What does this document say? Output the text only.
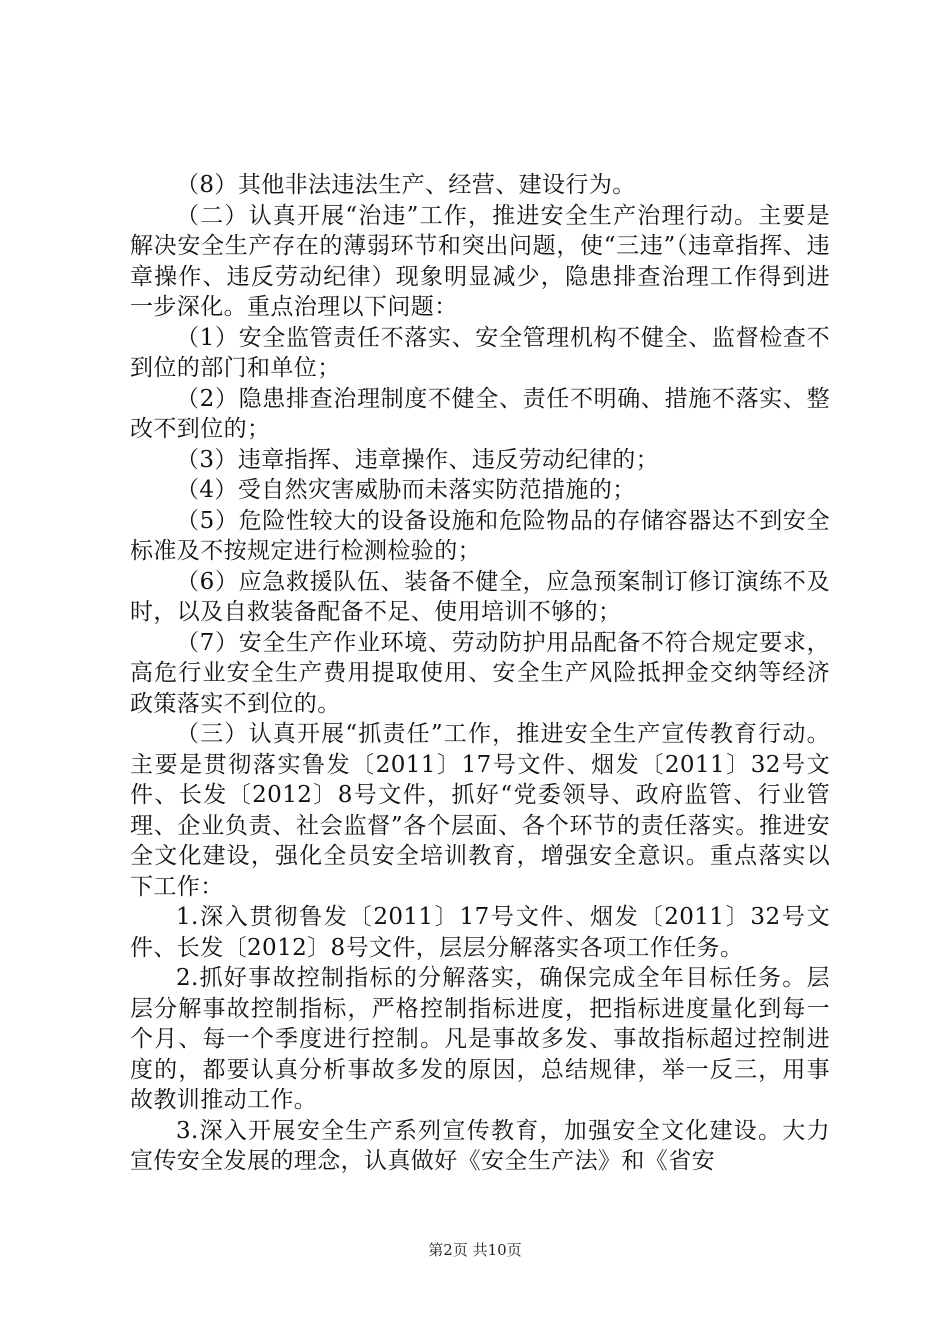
（8）其他非法违法生产、经营、建设行为。

（二）认真开展“治违”工作，推进安全生产治理行动。主要是解决安全生产存在的薄弱环节和突出问题，使“三违”（违章指挥、违章操作、违反劳动纪律）现象明显减少，隐患排查治理工作得到进一步深化。重点治理以下问题：

（1）安全监管责任不落实、安全管理机构不健全、监督检查不到位的部门和单位；

（2）隐患排查治理制度不健全、责任不明确、措施不落实、整改不到位的；

（3）违章指挥、违章操作、违反劳动纪律的；

（4）受自然灾害威胁而未落实防范措施的；

（5）危险性较大的设备设施和危险物品的存储容器达不到安全标准及不按规定进行检测检验的；

（6）应急救援队伍、装备不健全，应急预案制订修订演练不及时，以及自救装备配备不足、使用培训不够的；

（7）安全生产作业环境、劳动防护用品配备不符合规定要求，高危行业安全生产费用提取使用、安全生产风险抵押金交纳等经济政策落实不到位的。

（三）认真开展“抓责任”工作，推进安全生产宣传教育行动。主要是贯彻落实鲁发〔2011〕17号文件、烟发〔2011〕32号文件、长发〔2012〕8号文件，抓好“党委领导、政府监管、行业管理、企业负责、社会监督”各个层面、各个环节的责任落实。推进安全文化建设，强化全员安全培训教育，增强安全意识。重点落实以下工作：

1.深入贯彻鲁发〔2011〕17号文件、烟发〔2011〕32号文件、长发〔2012〕8号文件，层层分解落实各项工作任务。

2.抓好事故控制指标的分解落实，确保完成全年目标任务。层层分解事故控制指标，严格控制指标进度，把指标进度量化到每一个月、每一个季度进行控制。凡是事故多发、事故指标超过控制进度的，都要认真分析事故多发的原因，总结规律，举一反三，用事故教训推动工作。

3.深入开展安全生产系列宣传教育，加强安全文化建设。大力宣传安全发展的理念，认真做好《安全生产法》和《省安

第2页 共10页
